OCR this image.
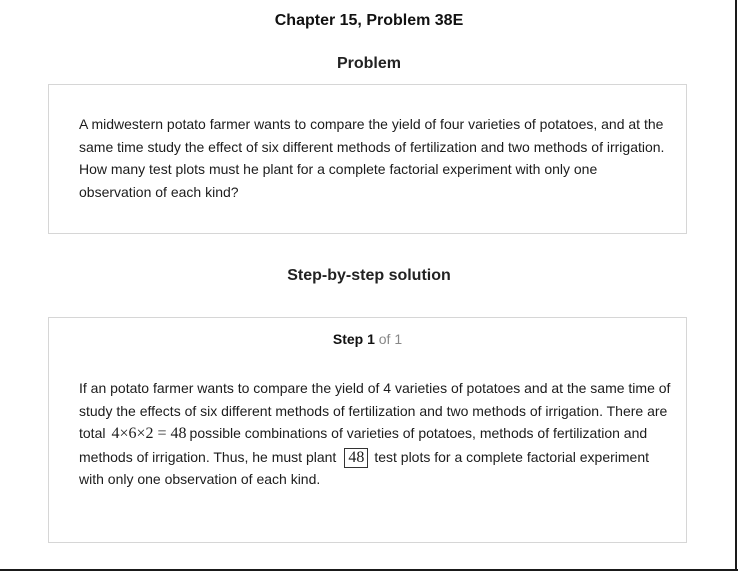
Chapter 15, Problem 38E
Problem
A midwestern potato farmer wants to compare the yield of four varieties of potatoes, and at the same time study the effect of six different methods of fertilization and two methods of irrigation. How many test plots must he plant for a complete factorial experiment with only one observation of each kind?
Step-by-step solution
Step 1 of 1
If an potato farmer wants to compare the yield of 4 varieties of potatoes and at the same time of study the effects of six different methods of fertilization and two methods of irrigation. There are total 4×6×2 = 48 possible combinations of varieties of potatoes, methods of fertilization and methods of irrigation. Thus, he must plant 48 test plots for a complete factorial experiment with only one observation of each kind.
